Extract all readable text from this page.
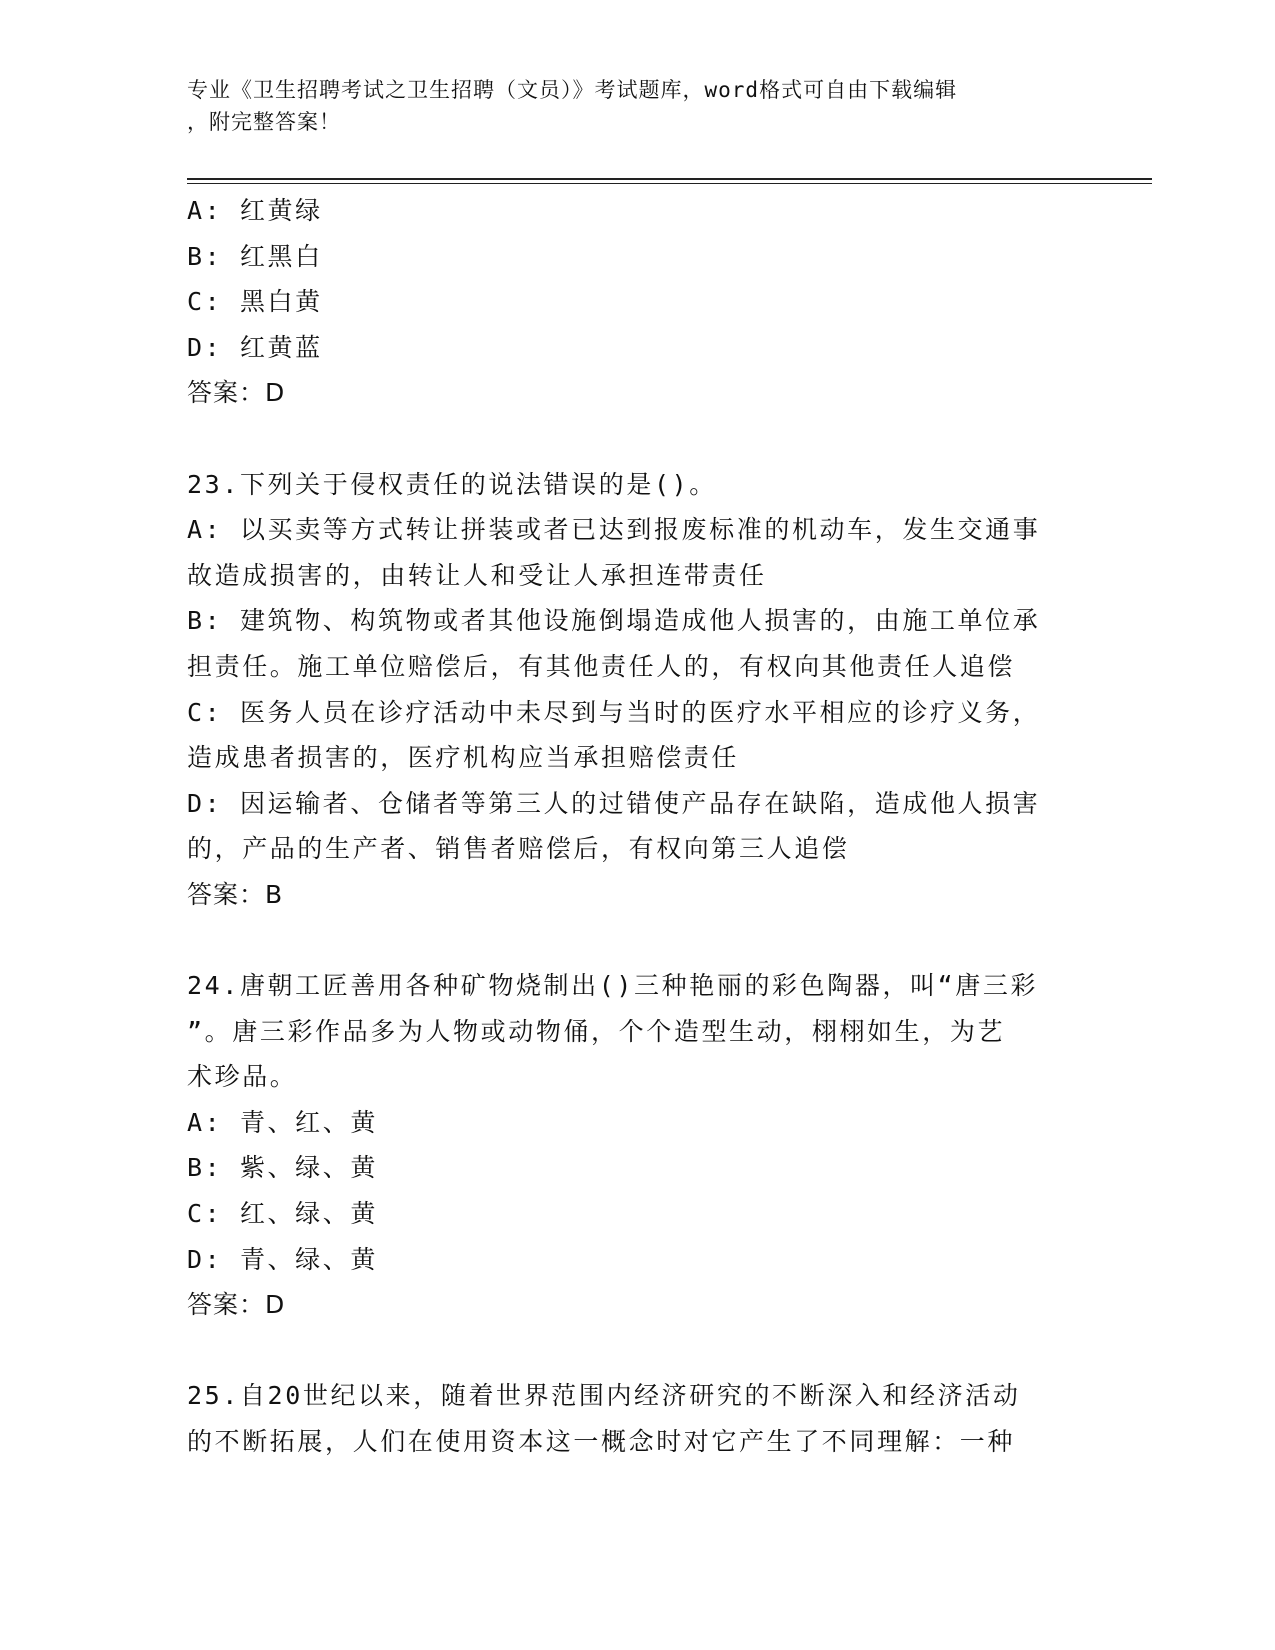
专业《卫生招聘考试之卫生招聘（文员）》考试题库，word格式可自由下载编辑
，附完整答案！
A: 红黄绿
B: 红黑白
C: 黑白黄
D: 红黄蓝
答案：D
23.下列关于侵权责任的说法错误的是()。
A: 以买卖等方式转让拼装或者已达到报废标准的机动车，发生交通事
故造成损害的，由转让人和受让人承担连带责任
B: 建筑物、构筑物或者其他设施倒塌造成他人损害的，由施工单位承
担责任。施工单位赔偿后，有其他责任人的，有权向其他责任人追偿
C: 医务人员在诊疗活动中未尽到与当时的医疗水平相应的诊疗义务，
造成患者损害的，医疗机构应当承担赔偿责任
D: 因运输者、仓储者等第三人的过错使产品存在缺陷，造成他人损害
的，产品的生产者、销售者赔偿后，有权向第三人追偿
答案：B
24.唐朝工匠善用各种矿物烧制出()三种艳丽的彩色陶器，叫“唐三彩
”。唐三彩作品多为人物或动物俑，个个造型生动，栩栩如生，为艺
术珍品。
A: 青、红、黄
B: 紫、绿、黄
C: 红、绿、黄
D: 青、绿、黄
答案：D
25.自20世纪以来，随着世界范围内经济研究的不断深入和经济活动
的不断拓展，人们在使用资本这一概念时对它产生了不同理解：一种
